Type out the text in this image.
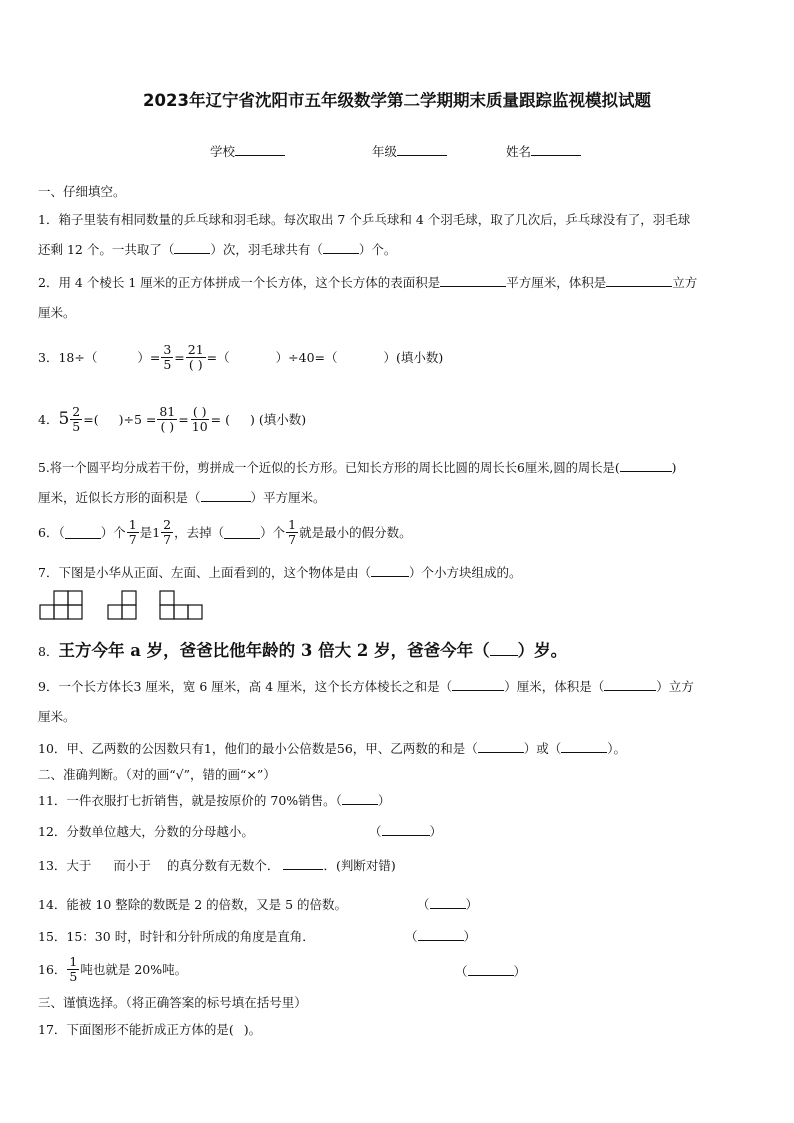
2023年辽宁省沈阳市五年级数学第二学期期末质量跟踪监视模拟试题
学校	年级	姓名
一、仔细填空。
1．箱子里装有相同数量的乒乓球和羽毛球。每次取出 7 个乒乓球和 4 个羽毛球，取了几次后，乒乓球没有了，羽毛球
还剩 12 个。一共取了（	）次，羽毛球共有（	）个。
2．用 4 个棱长 1 厘米的正方体拼成一个长方体，这个长方体的表面积是	平方厘米，体积是	立方
厘米。
3．18÷（	）= $\frac{3}{5} = \frac{21}{( )}$ =（	）÷40=（	）(填小数)
4． $5 \frac{2}{5}$ =( )$\div 5 = \frac{81}{( )} = \frac{( )}{10}$ = ( ) (填小数)
5.将一个圆平均分成若干份，剪拼成一个近似的长方形。已知长方形的周长比圆的周长长6厘米,圆的周长是(	)
厘米，近似长方形的面积是（	）平方厘米。
6．（	）个 $\frac{1}{7}$ 是 $1 \frac{2}{7}$ ，去掉（	）个 $\frac{1}{7}$ 就是最小的假分数。
7．下图是小华从正面、左面、上面看到的，这个物体是由（	）个小方块组成的。

8．王方今年 a 岁，爸爸比他年龄的 3 倍大 2 岁，爸爸今年（ ）岁。
9．一个长方体长3 厘米，宽 6 厘米，高 4 厘米，这个长方体棱长之和是（	）厘米，体积是（	）立方
厘米。
10．甲、乙两数的公因数只有1，他们的最小公倍数是56，甲、乙两数的和是（	）或（	）。
二、准确判断。（对的画“√”，错的画“×”）
11．一件衣服打七折销售，就是按原价的 70%销售。（	）
12．分数单位越大，分数的分母越小。	（	）
13．大于 而小于 的真分数有无数个．	．(判断对错)
14．能被 10 整除的数既是 2 的倍数，又是 5 的倍数。	（	）
15．15：30 时，时针和分针所成的角度是直角．	（	）
16． $\frac{1}{5}$ 吨也就是 20%吨。	（	）
三、谨慎选择。（将正确答案的标号填在括号里）
17．下面图形不能折成正方体的是( )。
